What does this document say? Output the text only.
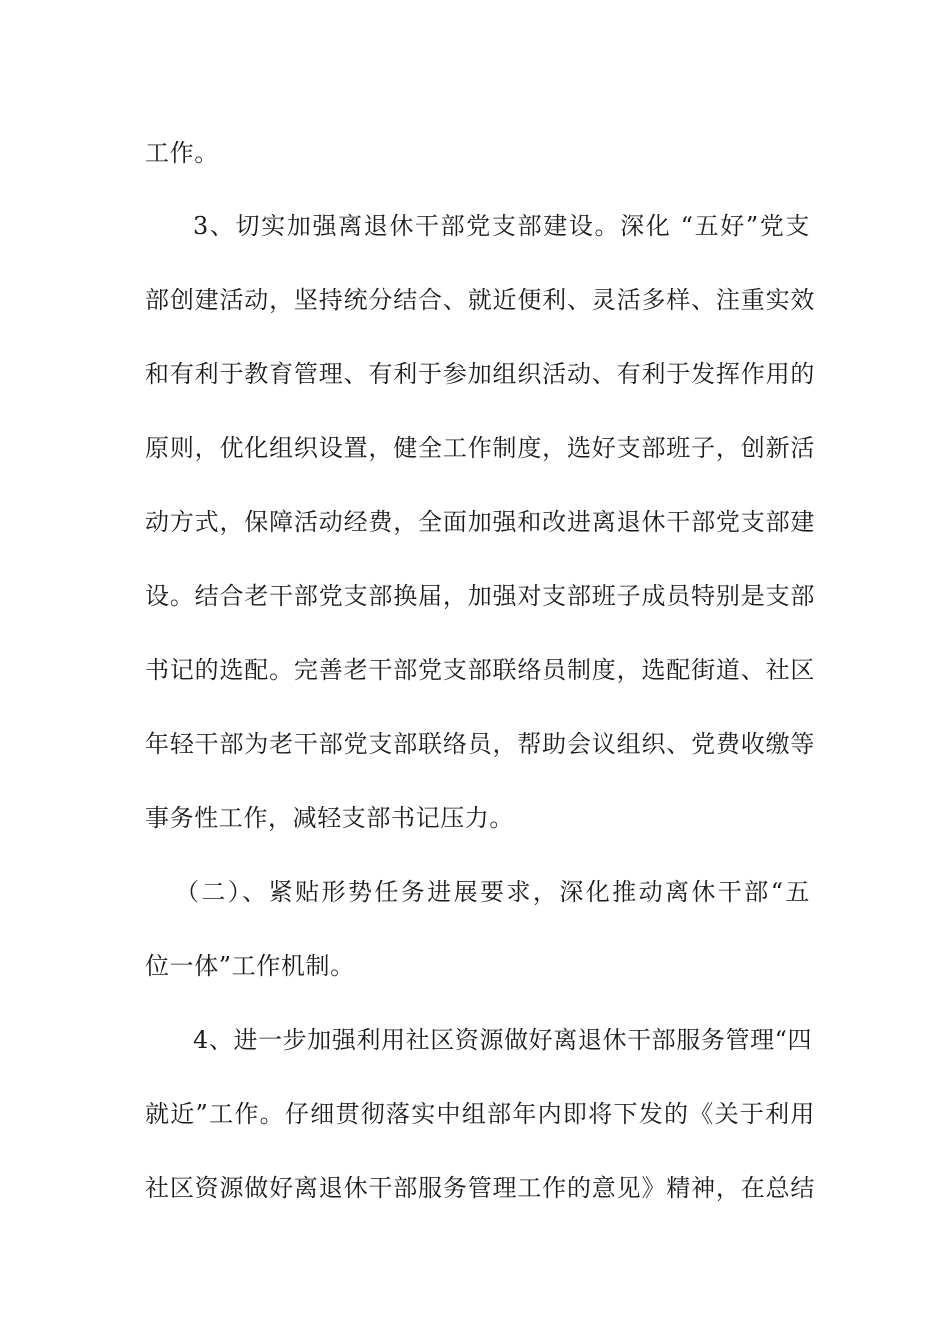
工作。
3、切实加强离退休干部党支部建设。深化 “五好”党支
部创建活动，坚持统分结合、就近便利、灵活多样、注重实效
和有利于教育管理、有利于参加组织活动、有利于发挥作用的
原则，优化组织设置，健全工作制度，选好支部班子，创新活
动方式，保障活动经费，全面加强和改进离退休干部党支部建
设。结合老干部党支部换届，加强对支部班子成员特别是支部
书记的选配。完善老干部党支部联络员制度，选配街道、社区
年轻干部为老干部党支部联络员，帮助会议组织、党费收缴等
事务性工作，减轻支部书记压力。
（二）、紧贴形势任务进展要求，深化推动离休干部“五
位一体”工作机制。
4、进一步加强利用社区资源做好离退休干部服务管理“四
就近”工作。仔细贯彻落实中组部年内即将下发的《关于利用
社区资源做好离退休干部服务管理工作的意见》精神，在总结
